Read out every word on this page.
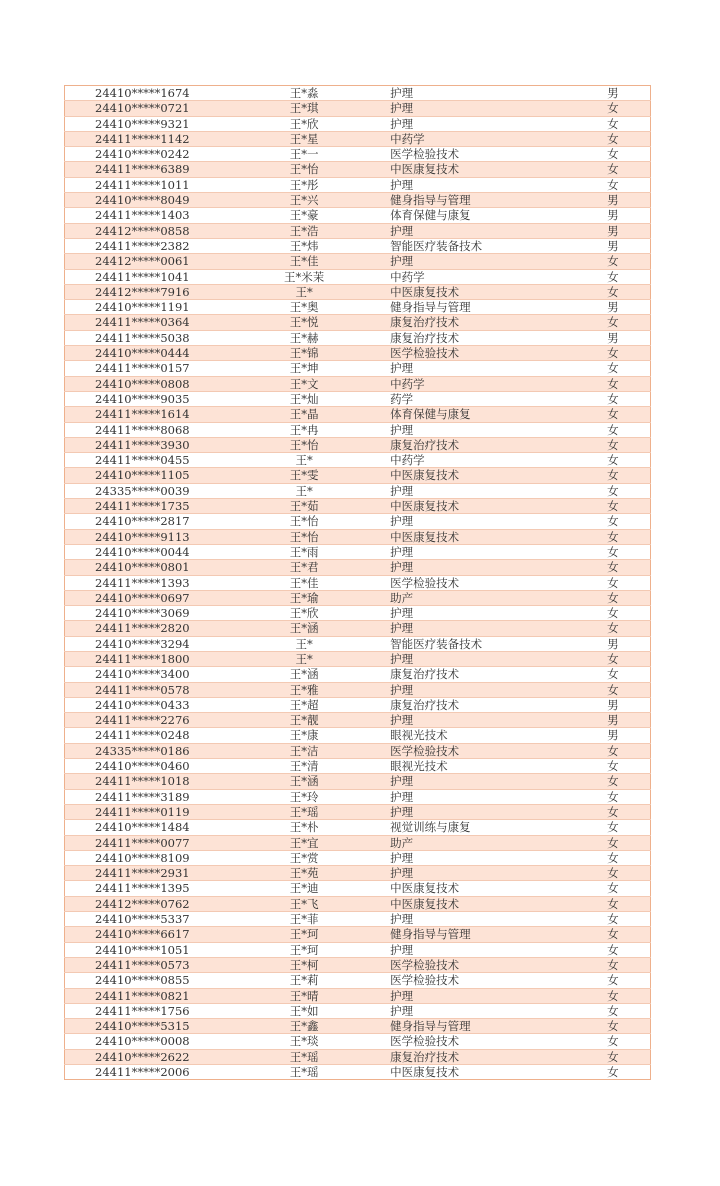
24410*****1674	王*淼	护理	男
24410*****0721	王*琪	护理	女
24410*****9321	王*欣	护理	女
24411*****1142	王*星	中药学	女
24410*****0242	王*一	医学检验技术	女
24411*****6389	王*怡	中医康复技术	女
24411*****1011	王*彤	护理	女
24410*****8049	王*兴	健身指导与管理	男
24411*****1403	王*豪	体育保健与康复	男
24412*****0858	王*浩	护理	男
24411*****2382	王*炜	智能医疗装备技术	男
24412*****0061	王*佳	护理	女
24411*****1041	王*米茉	中药学	女
24412*****7916	王*	中医康复技术	女
24410*****1191	王*奥	健身指导与管理	男
24411*****0364	王*悦	康复治疗技术	女
24411*****5038	王*赫	康复治疗技术	男
24410*****0444	王*锦	医学检验技术	女
24411*****0157	王*坤	护理	女
24410*****0808	王*文	中药学	女
24410*****9035	王*灿	药学	女
24411*****1614	王*晶	体育保健与康复	女
24411*****8068	王*冉	护理	女
24411*****3930	王*怡	康复治疗技术	女
24411*****0455	王*	中药学	女
24410*****1105	王*雯	中医康复技术	女
24335*****0039	王*	护理	女
24411*****1735	王*茹	中医康复技术	女
24410*****2817	王*怡	护理	女
24410*****9113	王*怡	中医康复技术	女
24410*****0044	王*雨	护理	女
24410*****0801	王*君	护理	女
24411*****1393	王*佳	医学检验技术	女
24410*****0697	王*瑜	助产	女
24410*****3069	王*欣	护理	女
24411*****2820	王*涵	护理	女
24410*****3294	王*	智能医疗装备技术	男
24411*****1800	王*	护理	女
24410*****3400	王*涵	康复治疗技术	女
24411*****0578	王*雅	护理	女
24410*****0433	王*超	康复治疗技术	男
24411*****2276	王*靓	护理	男
24411*****0248	王*康	眼视光技术	男
24335*****0186	王*洁	医学检验技术	女
24410*****0460	王*清	眼视光技术	女
24411*****1018	王*涵	护理	女
24411*****3189	王*玲	护理	女
24411*****0119	王*瑶	护理	女
24410*****1484	王*朴	视觉训练与康复	女
24411*****0077	王*宜	助产	女
24410*****8109	王*赏	护理	女
24411*****2931	王*苑	护理	女
24411*****1395	王*迪	中医康复技术	女
24412*****0762	王*飞	中医康复技术	女
24410*****5337	王*菲	护理	女
24410*****6617	王*珂	健身指导与管理	女
24410*****1051	王*珂	护理	女
24411*****0573	王*柯	医学检验技术	女
24410*****0855	王*莉	医学检验技术	女
24411*****0821	王*晴	护理	女
24411*****1756	王*如	护理	女
24410*****5315	王*鑫	健身指导与管理	女
24410*****0008	王*琰	医学检验技术	女
24410*****2622	王*瑶	康复治疗技术	女
24411*****2006	王*瑶	中医康复技术	女
